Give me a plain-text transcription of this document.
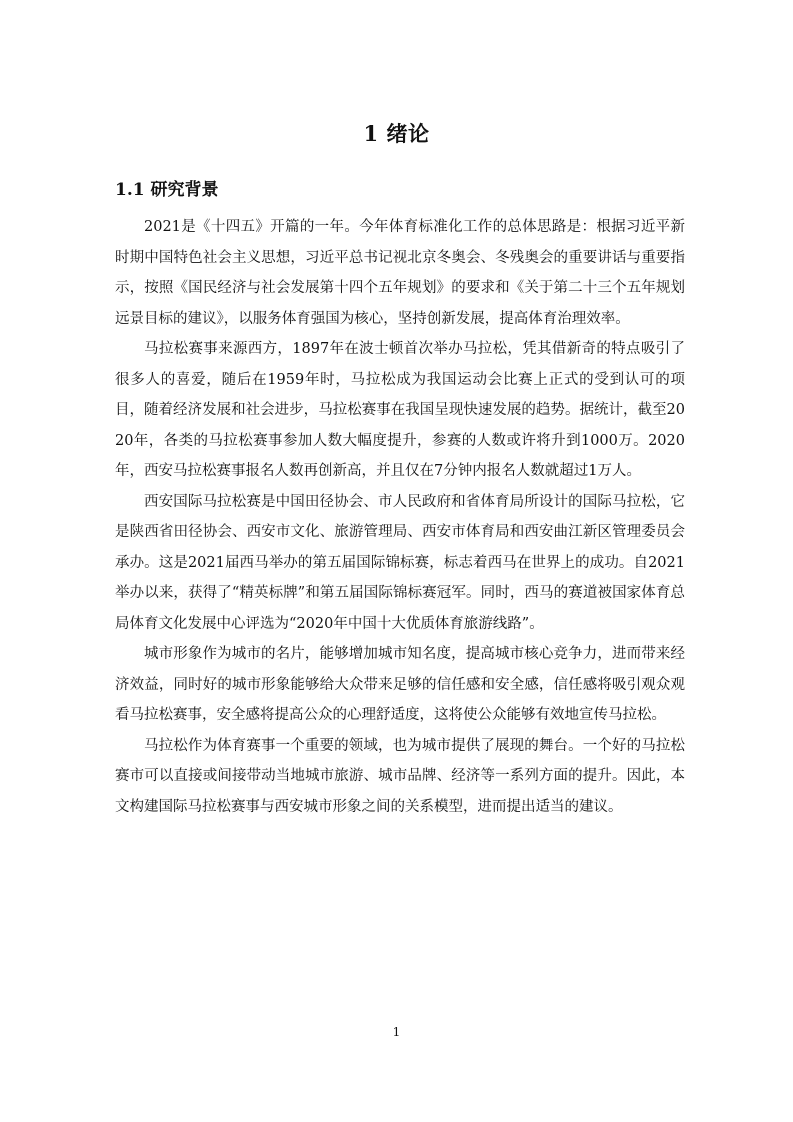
1 绪论
1.1 研究背景

2021是《十四五》开篇的一年。今年体育标准化工作的总体思路是：根据习近平新时期中国特色社会主义思想，习近平总书记视北京冬奥会、冬残奥会的重要讲话与重要指示，按照《国民经济与社会发展第十四个五年规划》的要求和《关于第二十三个五年规划远景目标的建议》，以服务体育强国为核心，坚持创新发展，提高体育治理效率。

马拉松赛事来源西方，1897年在波士顿首次举办马拉松，凭其借新奇的特点吸引了很多人的喜爱，随后在1959年时，马拉松成为我国运动会比赛上正式的受到认可的项目，随着经济发展和社会进步，马拉松赛事在我国呈现快速发展的趋势。据统计，截至2020年，各类的马拉松赛事参加人数大幅度提升，参赛的人数或许将升到1000万。2020年，西安马拉松赛事报名人数再创新高，并且仅在7分钟内报名人数就超过1万人。

西安国际马拉松赛是中国田径协会、市人民政府和省体育局所设计的国际马拉松，它是陕西省田径协会、西安市文化、旅游管理局、西安市体育局和西安曲江新区管理委员会承办。这是2021届西马举办的第五届国际锦标赛，标志着西马在世界上的成功。自2021举办以来，获得了“精英标牌”和第五届国际锦标赛冠军。同时，西马的赛道被国家体育总局体育文化发展中心评选为“2020年中国十大优质体育旅游线路”。

城市形象作为城市的名片，能够增加城市知名度，提高城市核心竞争力，进而带来经济效益，同时好的城市形象能够给大众带来足够的信任感和安全感，信任感将吸引观众观看马拉松赛事，安全感将提高公众的心理舒适度，这将使公众能够有效地宣传马拉松。

马拉松作为体育赛事一个重要的领域，也为城市提供了展现的舞台。一个好的马拉松赛市可以直接或间接带动当地城市旅游、城市品牌、经济等一系列方面的提升。因此，本文构建国际马拉松赛事与西安城市形象之间的关系模型，进而提出适当的建议。

1
